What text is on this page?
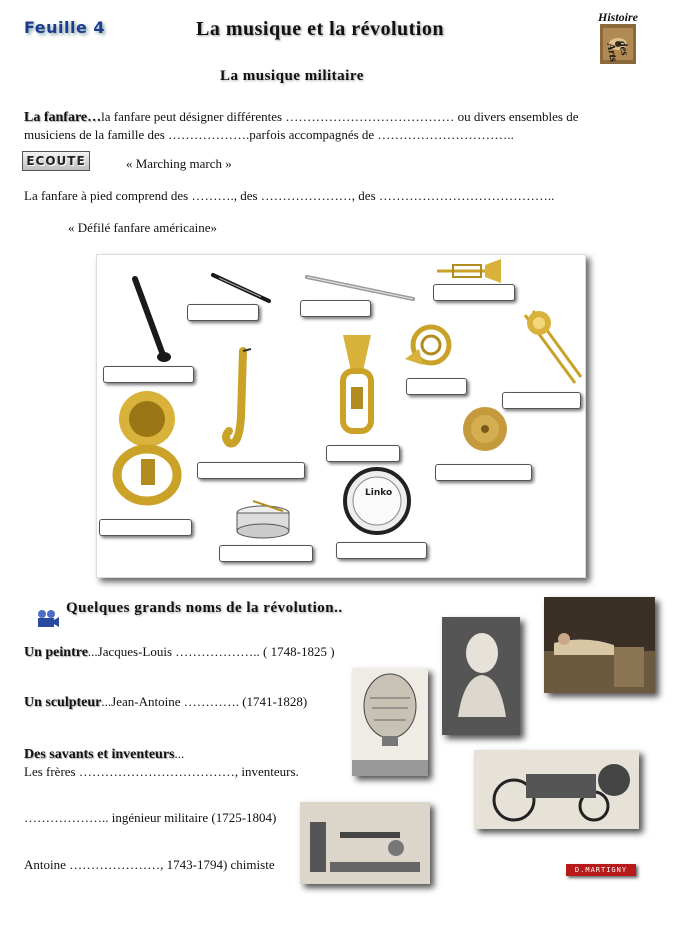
Feuille 4	La musique et la révolution
Histoire
des Arts
La musique militaire
La fanfare…la fanfare peut désigner différentes ………………………………… ou divers ensembles de
musiciens de la famille des ……………….parfois accompagnés de …………………………..
ECOUTE	« Marching march »
La fanfare à pied comprend des ………., des …………………, des …………………………………..
« Défilé fanfare américaine»
Linko
Quelques grands noms de la révolution..
Un peintre...Jacques-Louis ……………….. ( 1748-1825 )
Un sculpteur...Jean-Antoine …………. (1741-1828)
Des savants et inventeurs...
Les frères ………………………………, inventeurs.
……………….. ingénieur militaire (1725-1804)
Antoine …………………, 1743-1794) chimiste	D.MARTIGNY
